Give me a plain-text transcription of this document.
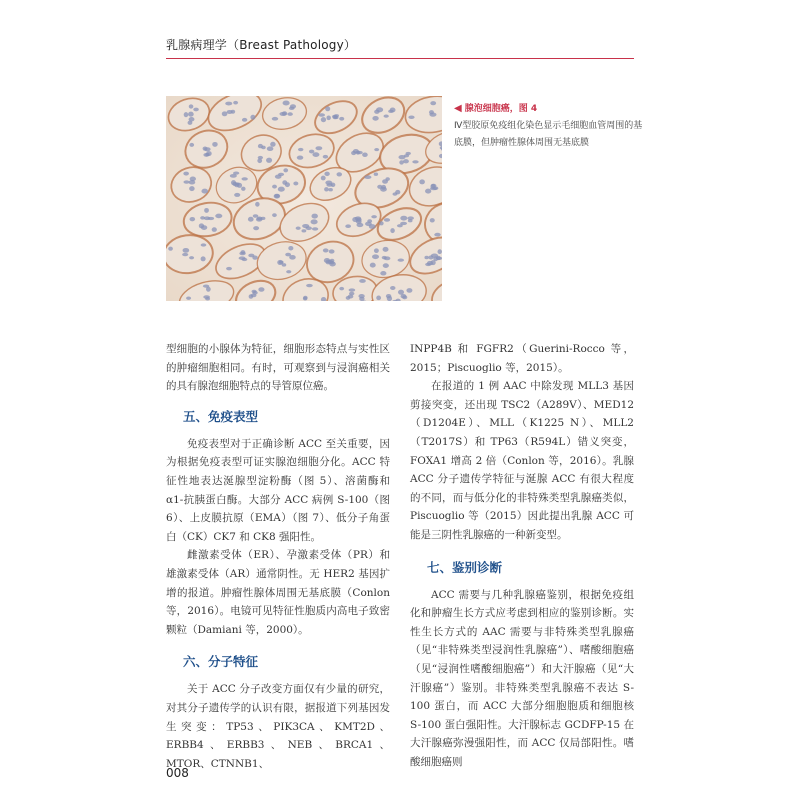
乳腺病理学（Breast Pathology）
◀ 腺泡细胞癌，图 4
Ⅳ型胶原免疫组化染色显示毛细胞血管周围的基底膜，但肿瘤性腺体周围无基底膜

型细胞的小腺体为特征，细胞形态特点与实性区的肿瘤细胞相同。有时，可观察到与浸润癌相关的具有腺泡细胞特点的导管原位癌。

五、免疫表型

免疫表型对于正确诊断 ACC 至关重要，因为根据免疫表型可证实腺泡细胞分化。ACC 特征性地表达涎腺型淀粉酶（图 5）、溶菌酶和 α1-抗胰蛋白酶。大部分 ACC 病例 S-100（图 6）、上皮膜抗原（EMA）（图 7）、低分子角蛋白（CK）CK7 和 CK8 强阳性。

雌激素受体（ER）、孕激素受体（PR）和雄激素受体（AR）通常阴性。无 HER2 基因扩增的报道。肿瘤性腺体周围无基底膜（Conlon 等，2016）。电镜可见特征性胞质内高电子致密颗粒（Damiani 等，2000）。

六、分子特征

关于 ACC 分子改变方面仅有少量的研究，对其分子遗传学的认识有限，据报道下列基因发生突变：TP53、PIK3CA、KMT2D、ERBB4、ERBB3、NEB、BRCA1、MTOR、CTNNB1、

INPP4B 和 FGFR2（Guerini-Rocco 等，2015；Piscuoglio 等，2015）。

在报道的 1 例 AAC 中除发现 MLL3 基因剪接突变，还出现 TSC2（A289V）、MED12（D1204E）、MLL（K1225 N）、MLL2（T2017S）和 TP63（R594L）错义突变，FOXA1 增高 2 倍（Conlon 等，2016）。乳腺 ACC 分子遗传学特征与涎腺 ACC 有很大程度的不同，而与低分化的非特殊类型乳腺癌类似，Piscuoglio 等（2015）因此提出乳腺 ACC 可能是三阴性乳腺癌的一种新变型。

七、鉴别诊断

ACC 需要与几种乳腺癌鉴别，根据免疫组化和肿瘤生长方式应考虑到相应的鉴别诊断。实性生长方式的 AAC 需要与非特殊类型乳腺癌（见“非特殊类型浸润性乳腺癌”）、嗜酸细胞癌（见“浸润性嗜酸细胞癌”）和大汗腺癌（见“大汗腺癌”）鉴别。非特殊类型乳腺癌不表达 S-100 蛋白，而 ACC 大部分细胞胞质和细胞核 S-100 蛋白强阳性。大汗腺标志 GCDFP-15 在大汗腺癌弥漫强阳性，而 ACC 仅局部阳性。嗜酸细胞癌则

008
